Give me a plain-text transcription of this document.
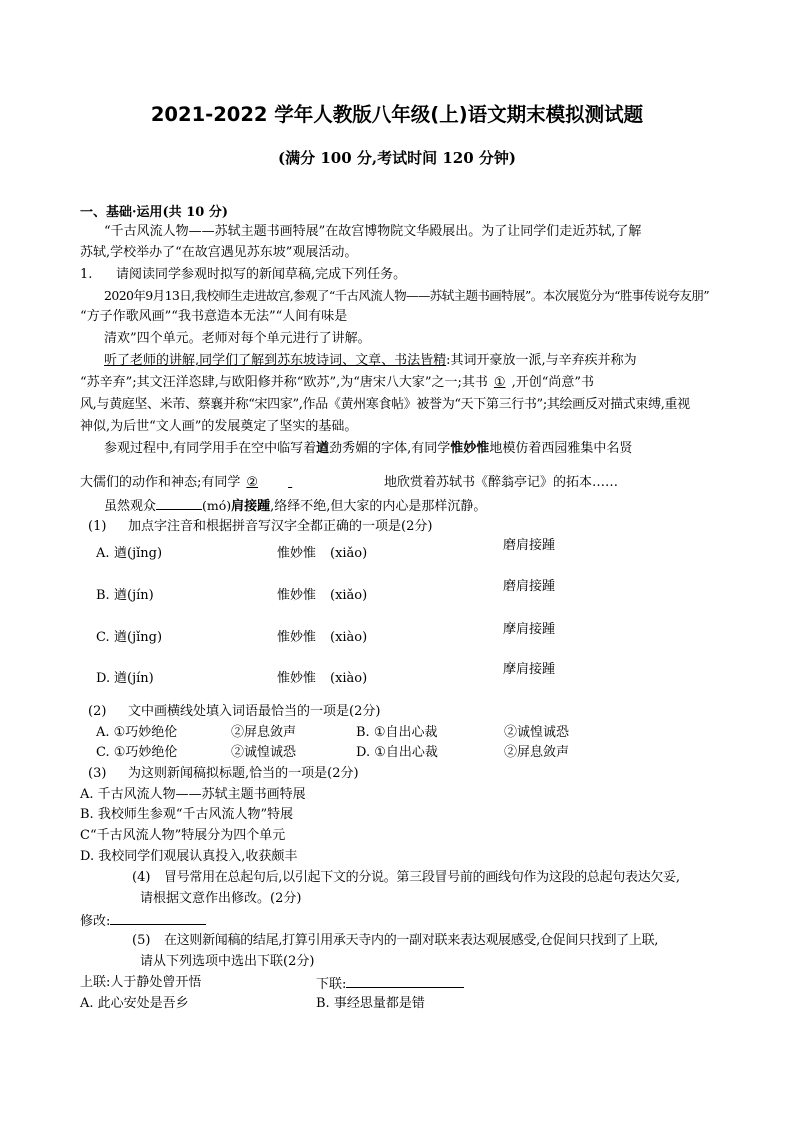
2021-2022 学年人教版八年级(上)语文期末模拟测试题
(满分 100 分,考试时间 120 分钟)
一、基础·运用(共 10 分)
“千古风流人物——苏轼主题书画特展”在故宫博物院文华殿展出。为了让同学们走近苏轼,了解
苏轼,学校举办了“在故宫遇见苏东坡”观展活动。
1. 请阅读同学参观时拟写的新闻草稿,完成下列任务。
2020年9月13日,我校师生走进故宫,参观了“千古风流人物——苏轼主题书画特展”。本次展览分为“胜事传说夸友朋”
“方子作歌风画”“我书意造本无法”“人间有味是
清欢”四个单元。老师对每个单元进行了讲解。
听了老师的讲解,同学们了解到苏东坡诗词、文章、书法皆精:其词开豪放一派,与辛弃疾并称为
“苏辛弃”;其文汪洋恣肆,与欧阳修并称“欧苏”,为“唐宋八大家”之一;其书 ① ,开创“尚意”书
风,与黄庭坚、米芾、蔡襄并称“宋四家”,作品《黄州寒食帖》被誉为“天下第三行书”;其绘画反对描式束缚,重视
神似,为后世“文人画”的发展奠定了坚实的基础。
参观过程中,有同学用手在空中临写着遒劲秀媚的字体,有同学惟妙惟地模仿着西园雅集中名贤
大儒们的动作和神态;有同学 ②	地欣赏着苏轼书《醉翁亭记》的拓本……
虽然观众	(mó)肩接踵,络绎不绝,但大家的内心是那样沉静。
(1) 加点字注音和根据拼音写汉字全都正确的一项是(2分)
A. 遒(jǐng)	惟妙惟 (xiǎo)
磨肩接踵
B. 遒(jín)	惟妙惟 (xiǎo)
磨肩接踵
C. 遒(jǐng)	惟妙惟 (xiào)
摩肩接踵
D. 遒(jín)	惟妙惟 (xiào)
摩肩接踵
(2) 文中画横线处填入词语最恰当的一项是(2分)
A. ①巧妙绝伦	②屏息敛声	B. ①自出心裁	②诚惶诚恐
C. ①巧妙绝伦	②诚惶诚恐	D. ①自出心裁	②屏息敛声
(3) 为这则新闻稿拟标题,恰当的一项是(2分)
A. 千古风流人物——苏轼主题书画特展
B. 我校师生参观“千古风流人物”特展
C“千古风流人物”特展分为四个单元
D. 我校同学们观展认真投入,收获颇丰
(4) 冒号常用在总起句后,以引起下文的分说。第三段冒号前的画线句作为这段的总起句表达欠妥,
请根据文意作出修改。(2分)
修改:
(5) 在这则新闻稿的结尾,打算引用承天寺内的一副对联来表达观展感受,仓促间只找到了上联,
请从下列选项中选出下联(2分)
上联:人于静处曾开悟	下联:
A. 此心安处是吾乡	B. 事经思量都是错
